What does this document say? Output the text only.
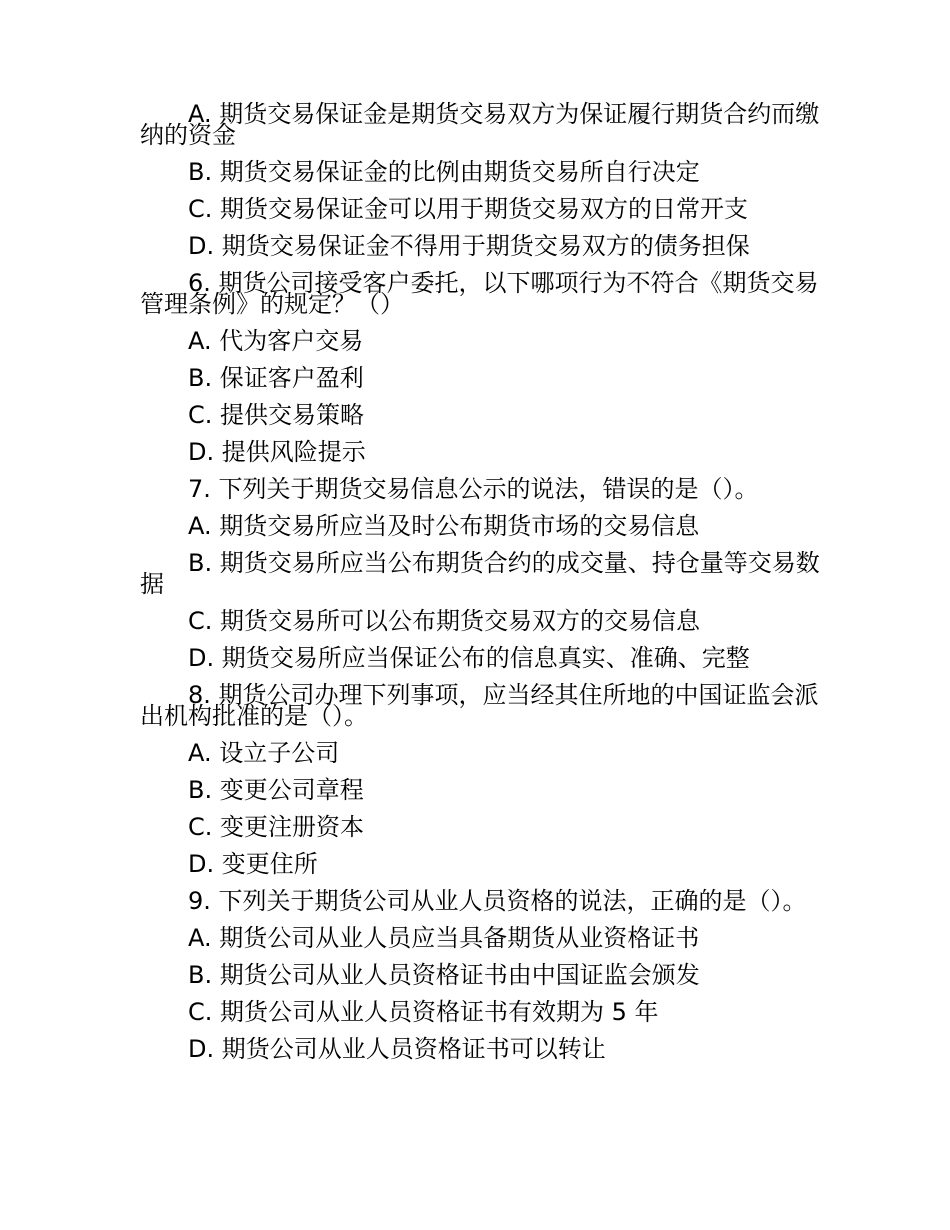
A. 期货交易保证金是期货交易双方为保证履行期货合约而缴纳的资金

B. 期货交易保证金的比例由期货交易所自行决定

C. 期货交易保证金可以用于期货交易双方的日常开支

D. 期货交易保证金不得用于期货交易双方的债务担保

6. 期货公司接受客户委托，以下哪项行为不符合《期货交易管理条例》的规定？（）

A. 代为客户交易

B. 保证客户盈利

C. 提供交易策略

D. 提供风险提示

7. 下列关于期货交易信息公示的说法，错误的是（）。

A. 期货交易所应当及时公布期货市场的交易信息

B. 期货交易所应当公布期货合约的成交量、持仓量等交易数据

C. 期货交易所可以公布期货交易双方的交易信息

D. 期货交易所应当保证公布的信息真实、准确、完整

8. 期货公司办理下列事项，应当经其住所地的中国证监会派出机构批准的是（）。

A. 设立子公司

B. 变更公司章程

C. 变更注册资本

D. 变更住所

9. 下列关于期货公司从业人员资格的说法，正确的是（）。

A. 期货公司从业人员应当具备期货从业资格证书

B. 期货公司从业人员资格证书由中国证监会颁发

C. 期货公司从业人员资格证书有效期为 5 年

D. 期货公司从业人员资格证书可以转让
